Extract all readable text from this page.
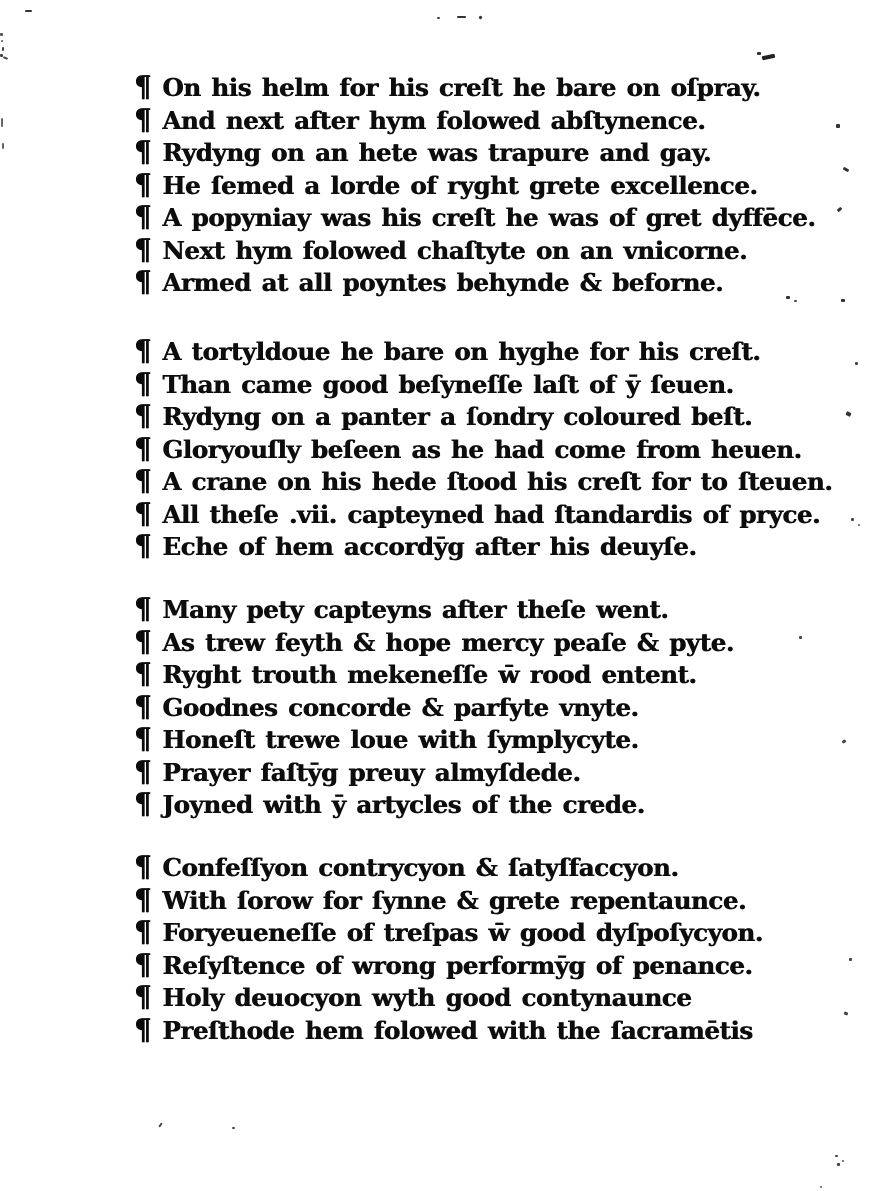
¶ On his helm for his creſt he bare on oſpray.
¶ And next after hym folowed abſtynence.
¶ Rydyng on an hete was trapure and gay.
¶ He ſemed a lorde of ryght grete excellence.
¶ A popyniay was his creſt he was of gret dyffēce.
¶ Next hym folowed chaſtyte on an vnicorne.
¶ Armed at all poyntes behynde & beforne.
¶ A tortyldoue he bare on hyghe for his creſt.
¶ Than came good beſyneſſe laſt of ȳ ſeuen.
¶ Rydyng on a panter a ſondry coloured beſt.
¶ Gloryouſly beſeen as he had come from heuen.
¶ A crane on his hede ſtood his creſt for to ſteuen.
¶ All theſe .vii. capteyned had ſtandardis of pryce.
¶ Eche of hem accordȳg after his deuyſe.
¶ Many pety capteyns after theſe went.
¶ As trew feyth & hope mercy peaſe & pyte.
¶ Ryght trouth mekeneſſe w̄ rood entent.
¶ Goodnes concorde & parfyte vnyte.
¶ Honeſt trewe loue with ſymplycyte.
¶ Prayer faſtȳg preuy almyſdede.
¶ Joyned with ȳ artycles of the crede.
¶ Confeſſyon contrycyon & ſatyſfaccyon.
¶ With ſorow for ſynne & grete repentaunce.
¶ Foryeueneſſe of treſpas w̄ good dyſpoſycyon.
¶ Reſyſtence of wrong performȳg of penance.
¶ Holy deuocyon wyth good contynaunce
¶ Preſthode hem folowed with the ſacramētis
